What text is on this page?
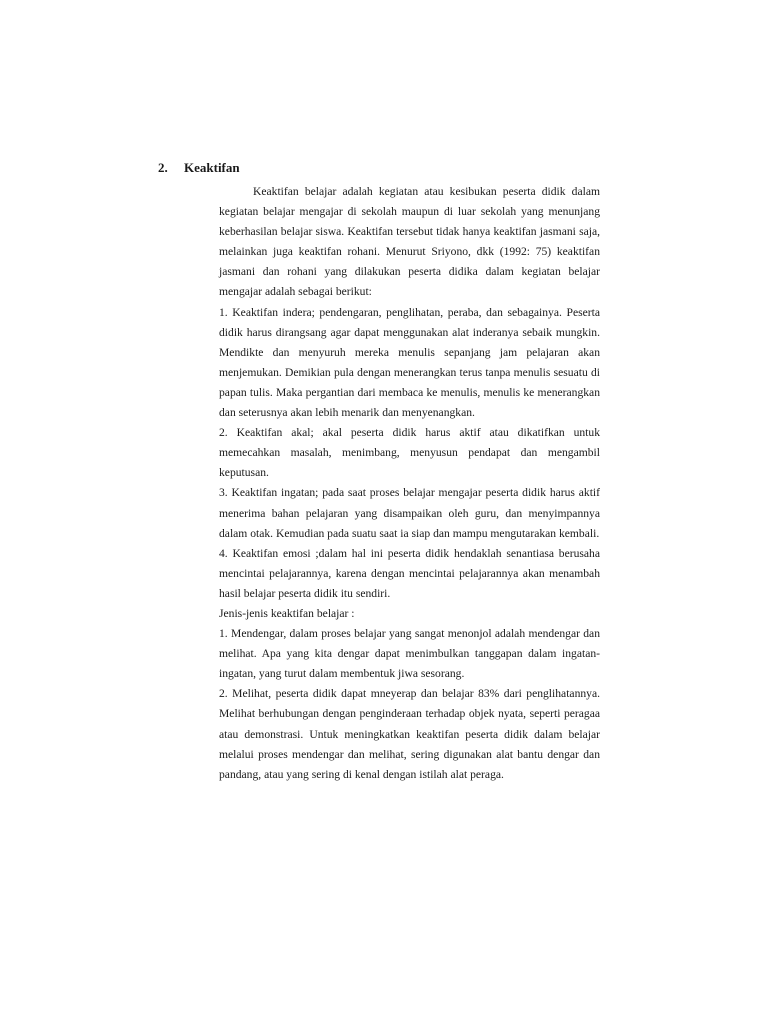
2.	Keaktifan

Keaktifan belajar adalah kegiatan atau kesibukan peserta didik dalam kegiatan belajar mengajar di sekolah maupun di luar sekolah yang menunjang keberhasilan belajar siswa. Keaktifan tersebut tidak hanya keaktifan jasmani saja, melainkan juga keaktifan rohani. Menurut Sriyono, dkk (1992: 75) keaktifan jasmani dan rohani yang dilakukan peserta didika dalam kegiatan belajar mengajar adalah sebagai berikut:

1. Keaktifan indera; pendengaran, penglihatan, peraba, dan sebagainya. Peserta didik harus dirangsang agar dapat menggunakan alat inderanya sebaik mungkin. Mendikte dan menyuruh mereka menulis sepanjang jam pelajaran akan menjemukan. Demikian pula dengan menerangkan terus tanpa menulis sesuatu di papan tulis. Maka pergantian dari membaca ke menulis, menulis ke menerangkan dan seterusnya akan lebih menarik dan menyenangkan.

2. Keaktifan akal; akal peserta didik harus aktif atau dikatifkan untuk memecahkan masalah, menimbang, menyusun pendapat dan mengambil keputusan.

3. Keaktifan ingatan; pada saat proses belajar mengajar peserta didik harus aktif menerima bahan pelajaran yang disampaikan oleh guru, dan menyimpannya dalam otak. Kemudian pada suatu saat ia siap dan mampu mengutarakan kembali.

4. Keaktifan emosi ;dalam hal ini peserta didik hendaklah senantiasa berusaha mencintai pelajarannya, karena dengan mencintai pelajarannya akan menambah hasil belajar peserta didik itu sendiri.

Jenis-jenis keaktifan belajar :

1. Mendengar, dalam proses belajar yang sangat menonjol adalah mendengar dan melihat. Apa yang kita dengar dapat menimbulkan tanggapan dalam ingatan-ingatan, yang turut dalam membentuk jiwa sesorang.

2. Melihat, peserta didik dapat mneyerap dan belajar 83% dari penglihatannya. Melihat berhubungan dengan penginderaan terhadap objek nyata, seperti peragaa atau demonstrasi. Untuk meningkatkan keaktifan peserta didik dalam belajar melalui proses mendengar dan melihat, sering digunakan alat bantu dengar dan pandang, atau yang sering di kenal dengan istilah alat peraga.
